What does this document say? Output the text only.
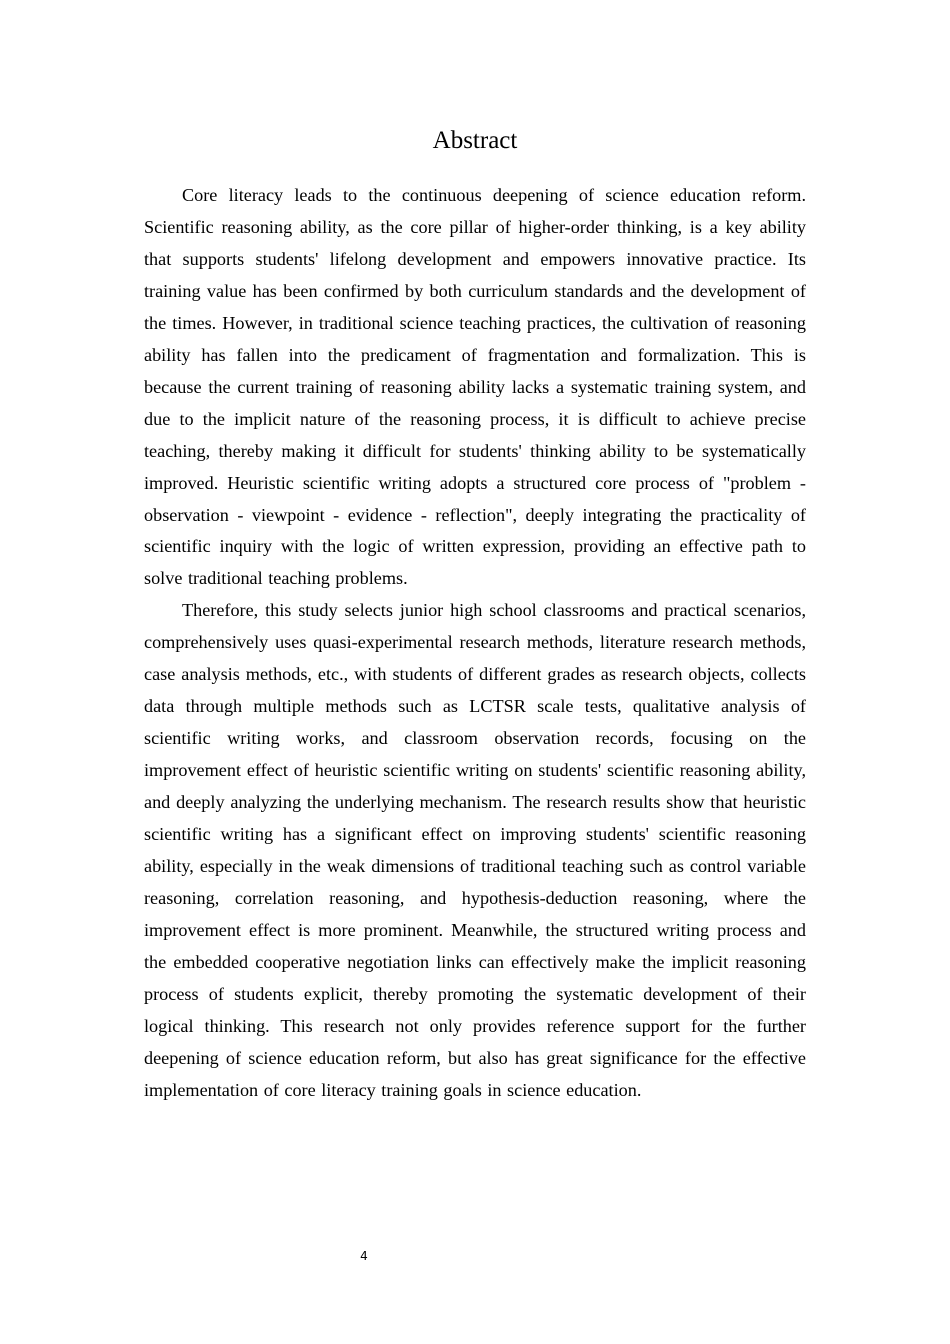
Abstract

Core literacy leads to the continuous deepening of science education reform. Scientific reasoning ability, as the core pillar of higher-order thinking, is a key ability that supports students' lifelong development and empowers innovative practice. Its training value has been confirmed by both curriculum standards and the development of the times. However, in traditional science teaching practices, the cultivation of reasoning ability has fallen into the predicament of fragmentation and formalization. This is because the current training of reasoning ability lacks a systematic training system, and due to the implicit nature of the reasoning process, it is difficult to achieve precise teaching, thereby making it difficult for students' thinking ability to be systematically improved. Heuristic scientific writing adopts a structured core process of "problem - observation - viewpoint - evidence - reflection", deeply integrating the practicality of scientific inquiry with the logic of written expression, providing an effective path to solve traditional teaching problems.

Therefore, this study selects junior high school classrooms and practical scenarios, comprehensively uses quasi-experimental research methods, literature research methods, case analysis methods, etc., with students of different grades as research objects, collects data through multiple methods such as LCTSR scale tests, qualitative analysis of scientific writing works, and classroom observation records, focusing on the improvement effect of heuristic scientific writing on students' scientific reasoning ability, and deeply analyzing the underlying mechanism. The research results show that heuristic scientific writing has a significant effect on improving students' scientific reasoning ability, especially in the weak dimensions of traditional teaching such as control variable reasoning, correlation reasoning, and hypothesis-deduction reasoning, where the improvement effect is more prominent. Meanwhile, the structured writing process and the embedded cooperative negotiation links can effectively make the implicit reasoning process of students explicit, thereby promoting the systematic development of their logical thinking. This research not only provides reference support for the further deepening of science education reform, but also has great significance for the effective implementation of core literacy training goals in science education.

4
